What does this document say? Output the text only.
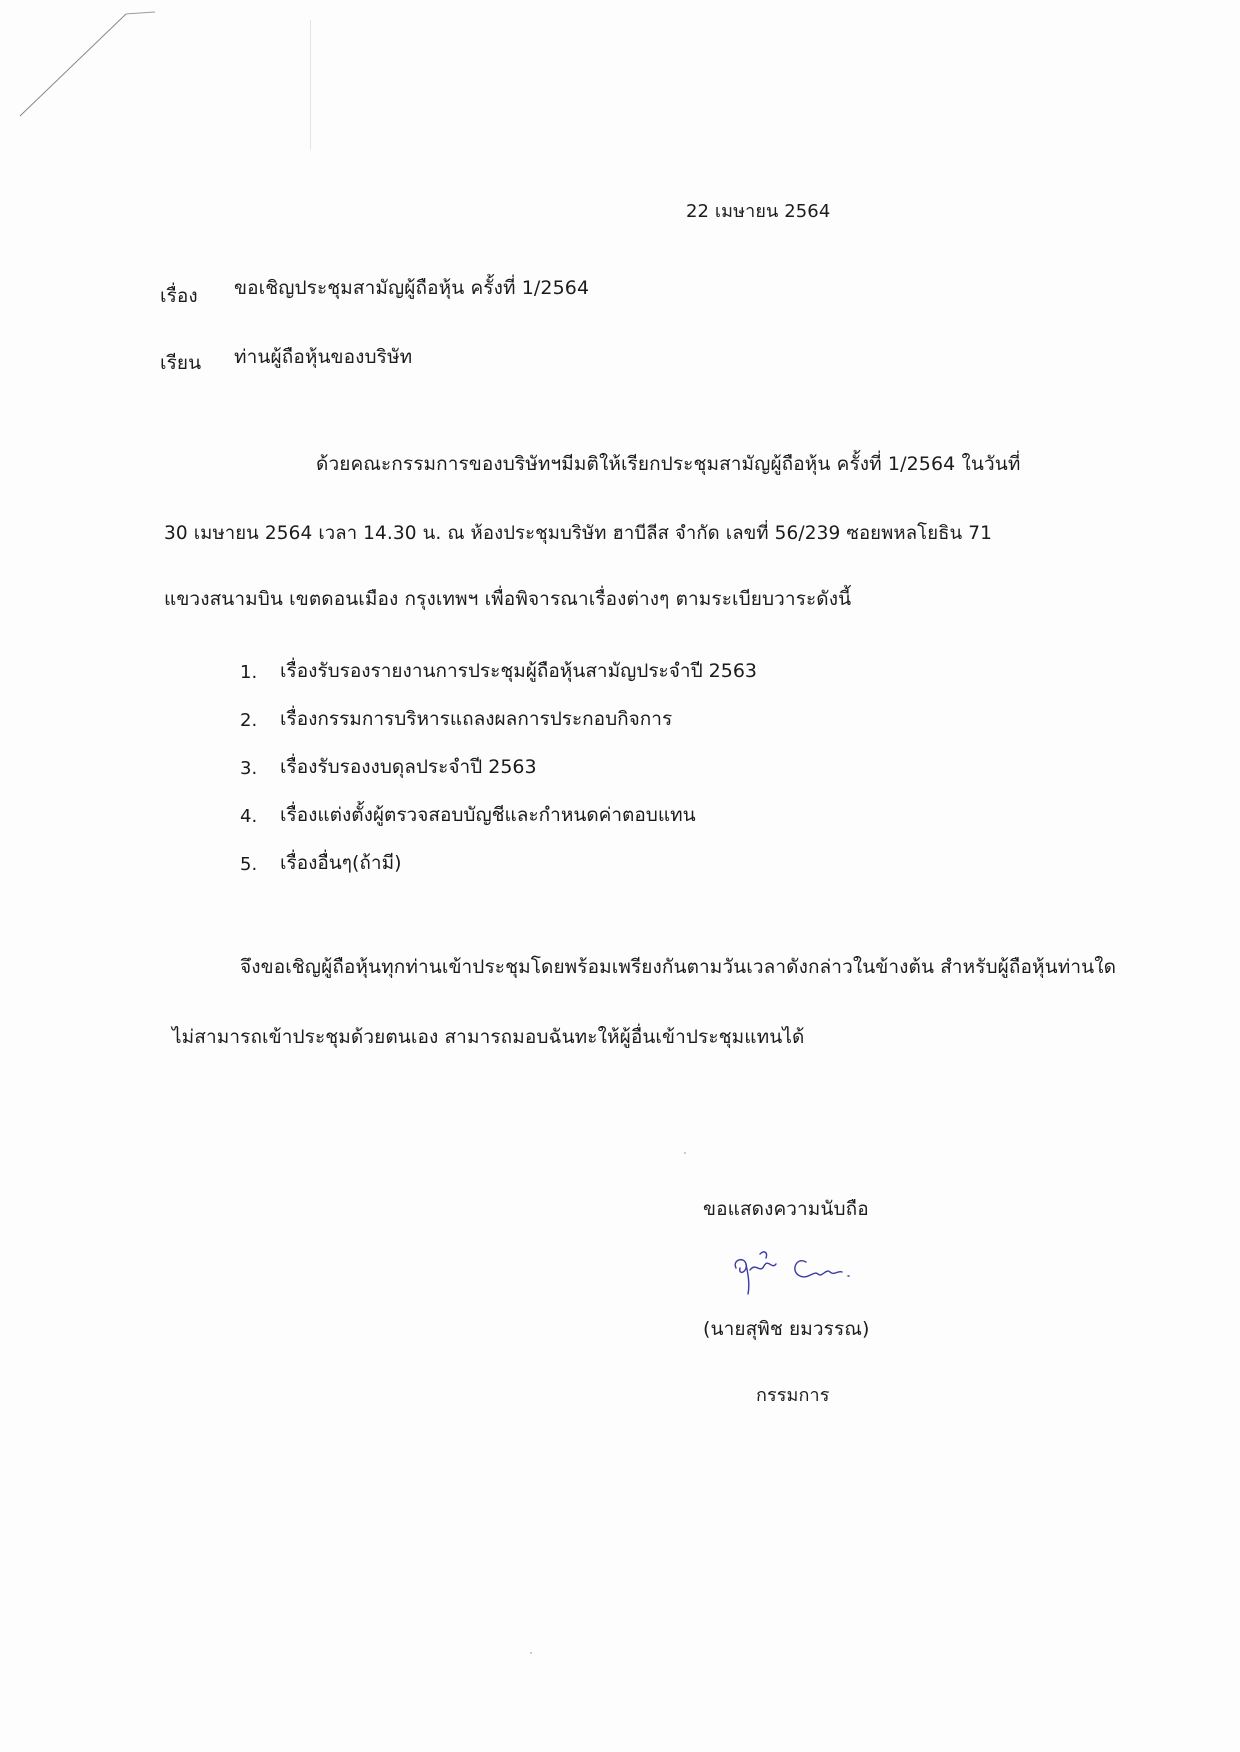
22 เมษายน 2564
เรื่อง ขอเชิญประชุมสามัญผู้ถือหุ้น ครั้งที่ 1/2564
เรียน ท่านผู้ถือหุ้นของบริษัท
ด้วยคณะกรรมการของบริษัทฯมีมติให้เรียกประชุมสามัญผู้ถือหุ้น ครั้งที่ 1/2564 ในวันที่
30 เมษายน 2564 เวลา 14.30 น. ณ ห้องประชุมบริษัท ฮาบีลีส จำกัด เลขที่ 56/239 ซอยพหลโยธิน 71
แขวงสนามบิน เขตดอนเมือง กรุงเทพฯ เพื่อพิจารณาเรื่องต่างๆ ตามระเบียบวาระดังนี้
1.	เรื่องรับรองรายงานการประชุมผู้ถือหุ้นสามัญประจำปี 2563
2.	เรื่องกรรมการบริหารแถลงผลการประกอบกิจการ
3.	เรื่องรับรองงบดุลประจำปี 2563
4.	เรื่องแต่งตั้งผู้ตรวจสอบบัญชีและกำหนดค่าตอบแทน
5.	เรื่องอื่นๆ(ถ้ามี)
จึงขอเชิญผู้ถือหุ้นทุกท่านเข้าประชุมโดยพร้อมเพรียงกันตามวันเวลาดังกล่าวในข้างต้น สำหรับผู้ถือหุ้นท่านใด
ไม่สามารถเข้าประชุมด้วยตนเอง สามารถมอบฉันทะให้ผู้อื่นเข้าประชุมแทนได้
ขอแสดงความนับถือ
(นายสุพิช ยมวรรณ)
กรรมการ
